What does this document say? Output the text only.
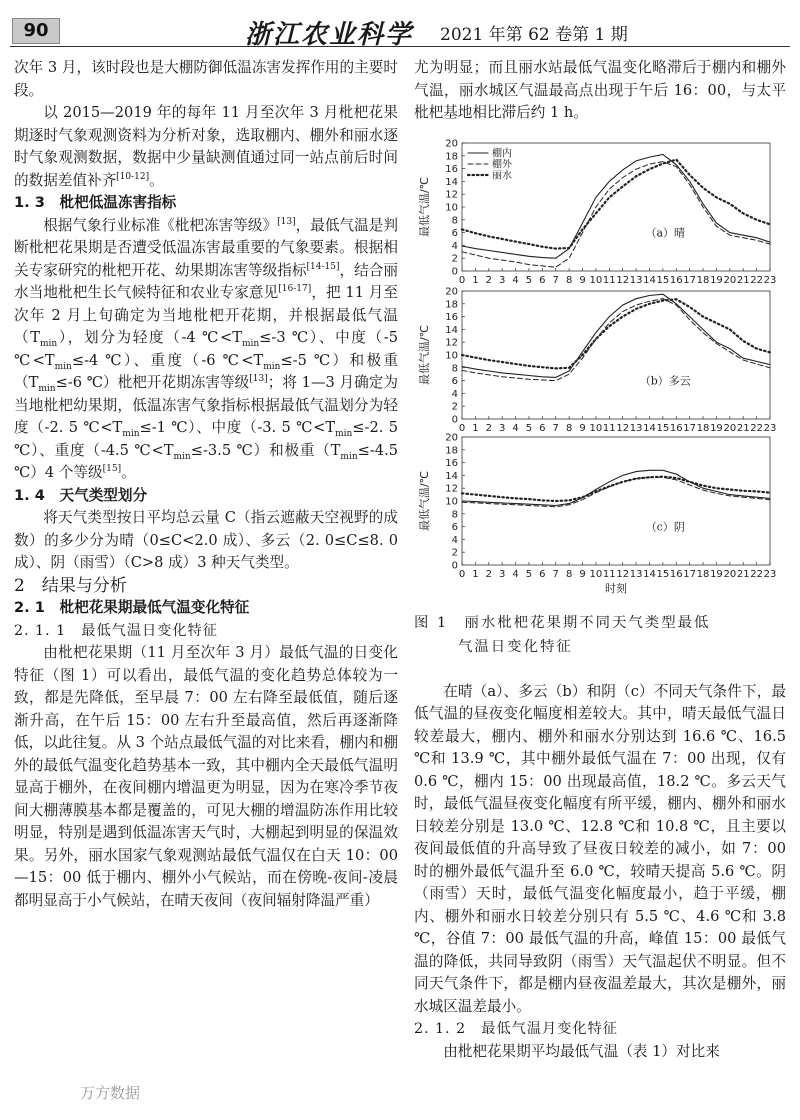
90	浙江农业科学 2021 年第 62 卷第 1 期

次年 3 月，该时段也是大棚防御低温冻害发挥作用的主要时段。

以 2015—2019 年的每年 11 月至次年 3 月枇杷花果期逐时气象观测资料为分析对象，选取棚内、棚外和丽水逐时气象观测数据，数据中少量缺测值通过同一站点前后时间的数据差值补齐[10-12]。

1. 3　枇杷低温冻害指标

根据气象行业标准《枇杷冻害等级》[13]，最低气温是判断枇杷花果期是否遭受低温冻害最重要的气象要素。根据相关专家研究的枇杷开花、幼果期冻害等级指标[14-15]，结合丽水当地枇杷生长气候特征和农业专家意见[16-17]，把 11 月至次年 2 月上旬确定为当地枇杷开花期，并根据最低气温$(T_{min})$，划分为轻度（-4 $℃<T_{min}\le-3$ ℃）、中度（-5 $℃<T_{min}\le-4$ ℃）、重度（-6 $℃<T_{min}\le-5$ ℃）和极重（$T_{min}\le-6$ ℃）枇杷开花期冻害等级[13]；将 1—3 月确定为当地枇杷幼果期，低温冻害气象指标根据最低气温划分为轻度（-2. 5 $℃<T_{min}\le-1$ ℃）、中度（-3. 5 $℃<T_{min}\le-2$. 5 ℃）、重度（-4.5 $℃<T_{min}\le-3.5$ ℃）和极重（$T_{min}\le-4.5$ ℃）4 个等级[15]。

1. 4　天气类型划分

将天气类型按日平均总云量 C（指云遮蔽天空视野的成数）的多少分为晴（0≤C<2.0 成）、多云（2. 0≤C≤8. 0 成）、阴（雨雪）（C>8 成）3 种天气类型。

2　结果与分析

2. 1　枇杷花果期最低气温变化特征

2. 1. 1　最低气温日变化特征

由枇杷花果期（11 月至次年 3 月）最低气温的日变化特征（图 1）可以看出，最低气温的变化趋势总体较为一致，都是先降低，至早晨 7：00 左右降至最低值，随后逐渐升高，在午后 15：00 左右升至最高值，然后再逐渐降低，以此往复。从 3 个站点最低气温的对比来看，棚内和棚外的最低气温变化趋势基本一致，其中棚内全天最低气温明显高于棚外，在夜间棚内增温更为明显，因为在寒冷季节夜间大棚薄膜基本都是覆盖的，可见大棚的增温防冻作用比较明显，特别是遇到低温冻害天气时，大棚起到明显的保温效果。另外，丽水国家气象观测站最低气温仅在白天 10：00—15：00 低于棚内、棚外小气候站，而在傍晚-夜间-凌晨都明显高于小气候站，在晴天夜间（夜间辐射降温严重）

尤为明显；而且丽水站最低气温变化略滞后于棚内和棚外气温，丽水城区气温最高点出现于午后 16：00，与太平枇杷基地相比滞后约 1 h。

0
2
4
6
8
10
12
14
16
18
20
0 1 2 3 4 5 6 7 8 9 10 11 12 13 14 15 16 17 18 19 20 21 22 23
最低气温/℃	（a）晴
棚内
棚外
丽水
0
2
4
6
8
10
12
14
16
18
20
0 1 2 3 4 5 6 7 8 9 10 11 12 13 14 15 16 17 18 19 20 21 22 23
最低气温/℃	（b）多云
0
2
4
6
8
10
12
14
16
18
20
0 1 2 3 4 5 6 7 8 9 10 11 12 13 14 15 16 17 18 19 20 21 22 23
最低气温/℃	（c）阴
时刻

图 1　丽水枇杷花果期不同天气类型最低
气温日变化特征

在晴（a）、多云（b）和阴（c）不同天气条件下，最低气温的昼夜变化幅度相差较大。其中，晴天最低气温日较差最大，棚内、棚外和丽水分别达到 16.6 ℃、16.5 ℃和 13.9 ℃，其中棚外最低气温在 7：00 出现，仅有 0.6 ℃，棚内 15：00 出现最高值，18.2 ℃。多云天气时，最低气温昼夜变化幅度有所平缓，棚内、棚外和丽水日较差分别是 13.0 ℃、12.8 ℃和 10.8 ℃，且主要以夜间最低值的升高导致了昼夜日较差的减小，如 7：00 时的棚外最低气温升至 6.0 ℃，较晴天提高 5.6 ℃。阴（雨雪）天时，最低气温变化幅度最小，趋于平缓，棚内、棚外和丽水日较差分别只有 5.5 ℃、4.6 ℃和 3.8 ℃，谷值 7：00 最低气温的升高，峰值 15：00 最低气温的降低，共同导致阴（雨雪）天气温起伏不明显。但不同天气条件下，都是棚内昼夜温差最大，其次是棚外，丽水城区温差最小。

2. 1. 2　最低气温月变化特征

由枇杷花果期平均最低气温（表 1）对比来

万方数据
